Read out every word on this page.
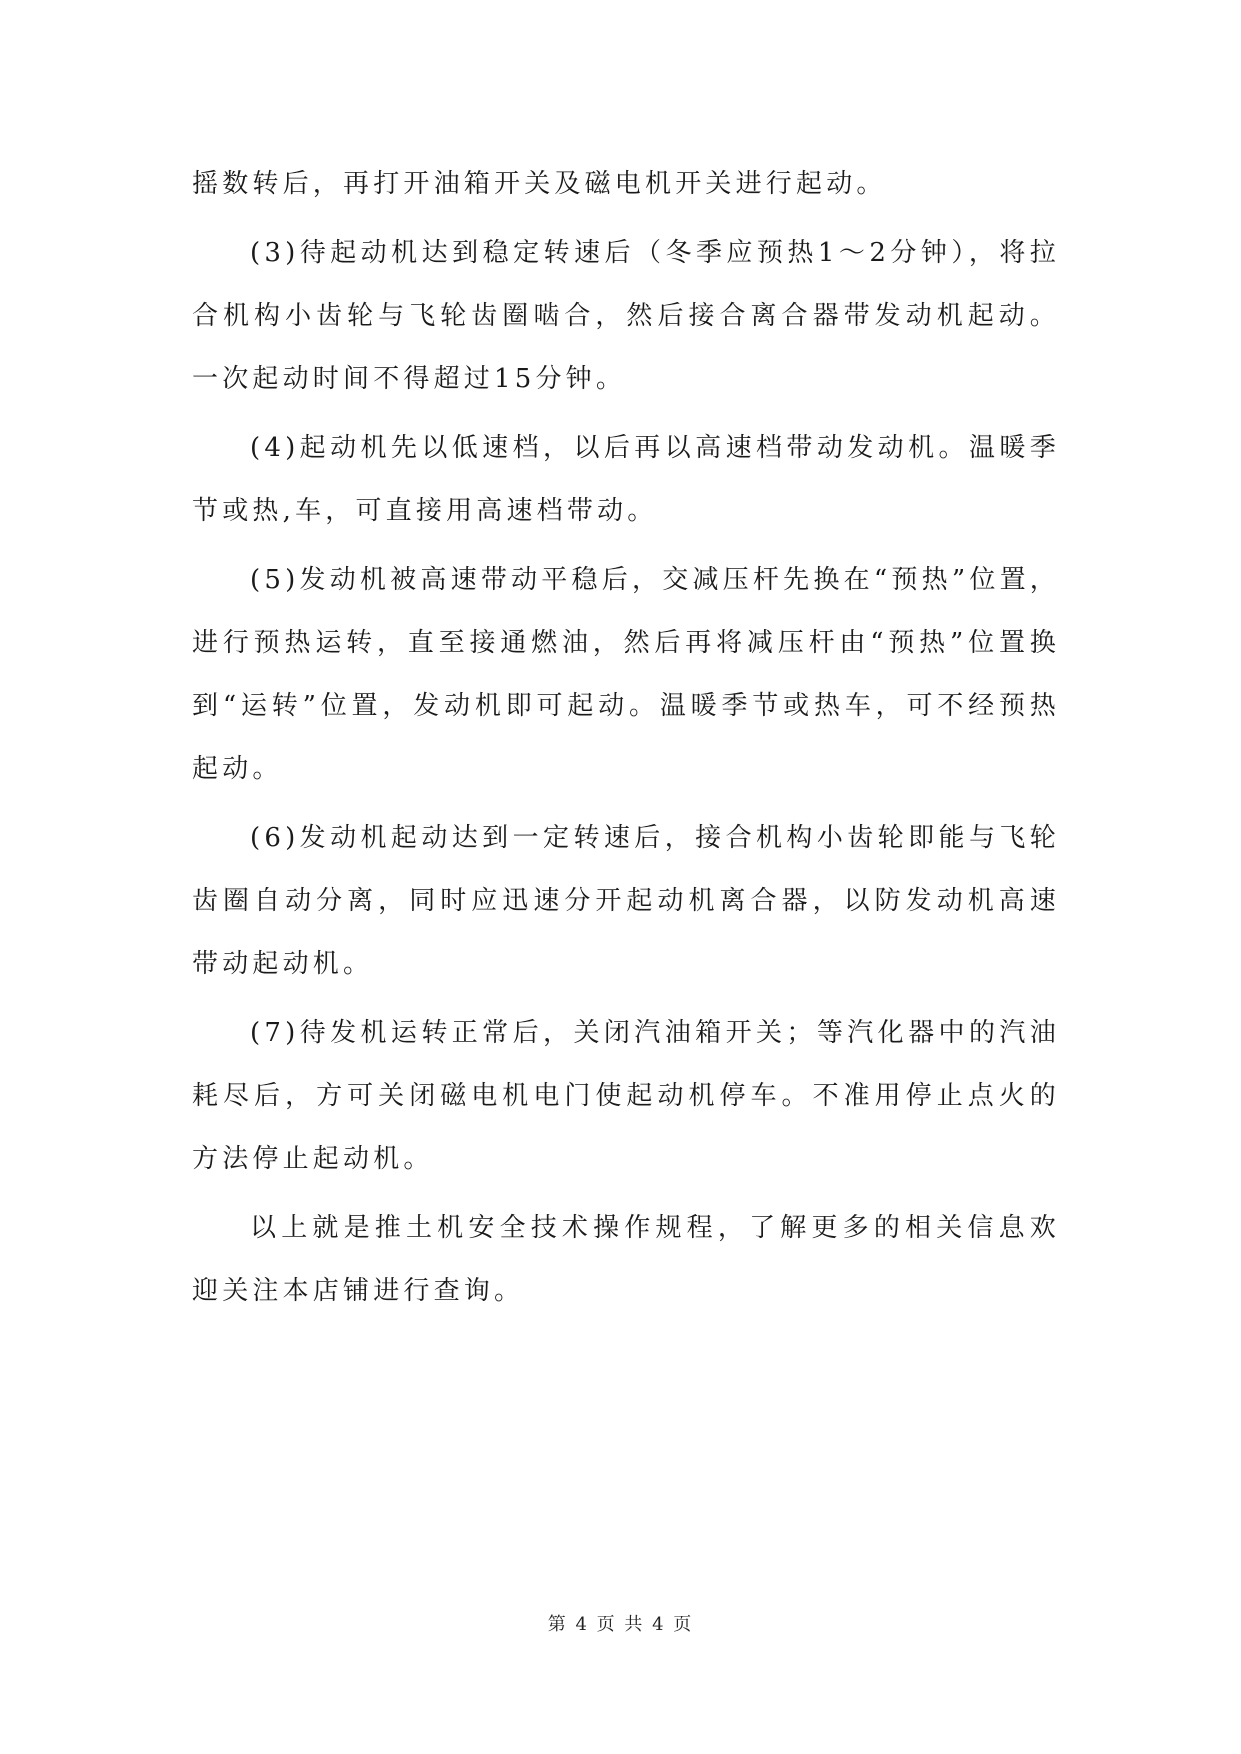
摇数转后，再打开油箱开关及磁电机开关进行起动。

(3)待起动机达到稳定转速后（冬季应预热1～2分钟），将拉合机构小齿轮与飞轮齿圈啮合，然后接合离合器带发动机起动。一次起动时间不得超过15分钟。

(4)起动机先以低速档，以后再以高速档带动发动机。温暖季节或热,车，可直接用高速档带动。

(5)发动机被高速带动平稳后，交减压杆先换在“预热”位置，进行预热运转，直至接通燃油，然后再将减压杆由“预热”位置换到“运转”位置，发动机即可起动。温暖季节或热车，可不经预热起动。

(6)发动机起动达到一定转速后，接合机构小齿轮即能与飞轮齿圈自动分离，同时应迅速分开起动机离合器，以防发动机高速带动起动机。

(7)待发机运转正常后，关闭汽油箱开关；等汽化器中的汽油耗尽后，方可关闭磁电机电门使起动机停车。不准用停止点火的方法停止起动机。

以上就是推土机安全技术操作规程，了解更多的相关信息欢迎关注本店铺进行查询。

第 4 页 共 4 页
